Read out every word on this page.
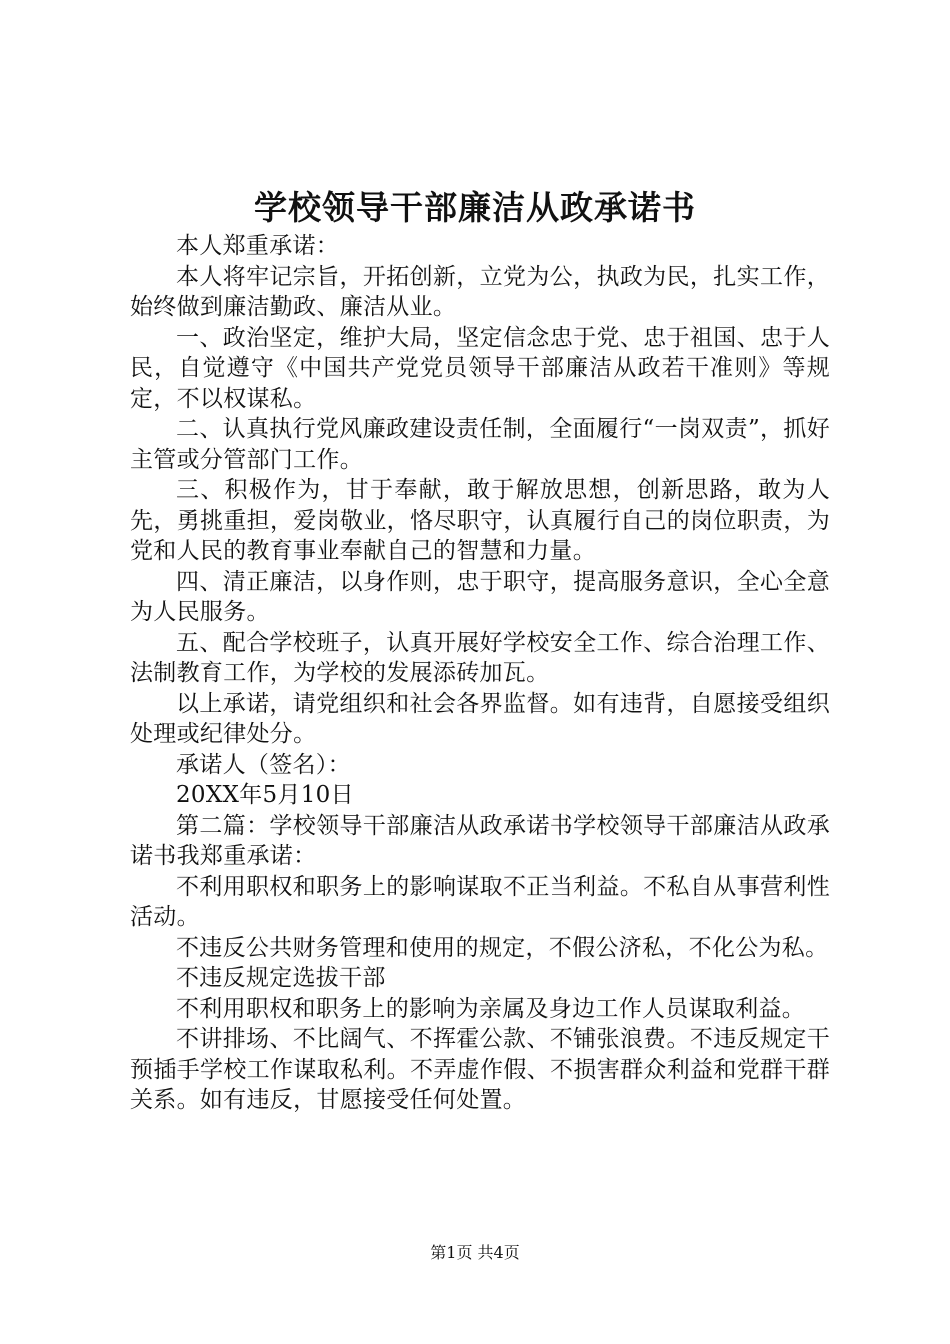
学校领导干部廉洁从政承诺书

本人郑重承诺：

本人将牢记宗旨，开拓创新，立党为公，执政为民，扎实工作，始终做到廉洁勤政、廉洁从业。

一、政治坚定，维护大局，坚定信念忠于党、忠于祖国、忠于人民，自觉遵守《中国共产党党员领导干部廉洁从政若干准则》等规定，不以权谋私。

二、认真执行党风廉政建设责任制，全面履行“一岗双责”，抓好主管或分管部门工作。

三、积极作为，甘于奉献，敢于解放思想，创新思路，敢为人先，勇挑重担，爱岗敬业，恪尽职守，认真履行自己的岗位职责，为党和人民的教育事业奉献自己的智慧和力量。

四、清正廉洁，以身作则，忠于职守，提高服务意识，全心全意为人民服务。

五、配合学校班子，认真开展好学校安全工作、综合治理工作、法制教育工作，为学校的发展添砖加瓦。

以上承诺，请党组织和社会各界监督。如有违背，自愿接受组织处理或纪律处分。

承诺人（签名）：

20XX年5月10日

第二篇：学校领导干部廉洁从政承诺书学校领导干部廉洁从政承诺书我郑重承诺：

不利用职权和职务上的影响谋取不正当利益。不私自从事营利性活动。

不违反公共财务管理和使用的规定，不假公济私，不化公为私。

不违反规定选拔干部

不利用职权和职务上的影响为亲属及身边工作人员谋取利益。

不讲排场、不比阔气、不挥霍公款、不铺张浪费。不违反规定干预插手学校工作谋取私利。不弄虚作假、不损害群众利益和党群干群关系。如有违反，甘愿接受任何处置。

第1页 共4页
